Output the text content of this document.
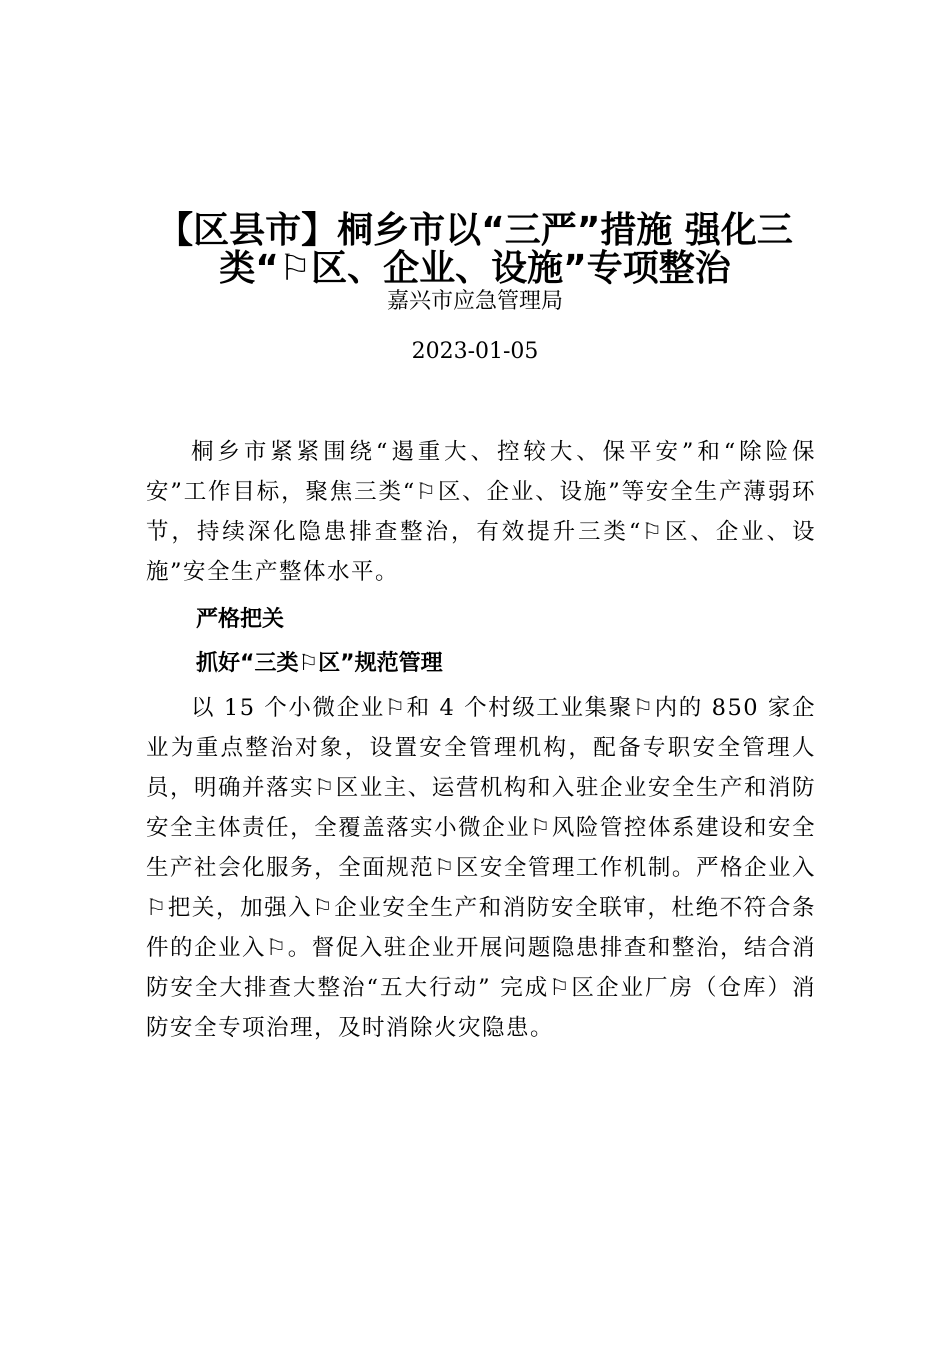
【区县市】桐乡市以“三严”措施 强化三类“⚐区、企业、设施”专项整治
嘉兴市应急管理局
2023-01-05

桐乡市紧紧围绕“遏重大、控较大、保平安”和“除险保安”工作目标，聚焦三类“⚐区、企业、设施”等安全生产薄弱环节，持续深化隐患排查整治，有效提升三类“⚐区、企业、设施”安全生产整体水平。

严格把关

抓好“三类⚐区”规范管理

以 15 个小微企业⚐和 4 个村级工业集聚⚐内的 850 家企业为重点整治对象，设置安全管理机构，配备专职安全管理人员，明确并落实⚐区业主、运营机构和入驻企业安全生产和消防安全主体责任，全覆盖落实小微企业⚐风险管控体系建设和安全生产社会化服务，全面规范⚐区安全管理工作机制。严格企业入⚐把关，加强入⚐企业安全生产和消防安全联审，杜绝不符合条件的企业入⚐。督促入驻企业开展问题隐患排查和整治，结合消防安全大排查大整治“五大行动” 完成⚐区企业厂房（仓库）消防安全专项治理，及时消除火灾隐患。
